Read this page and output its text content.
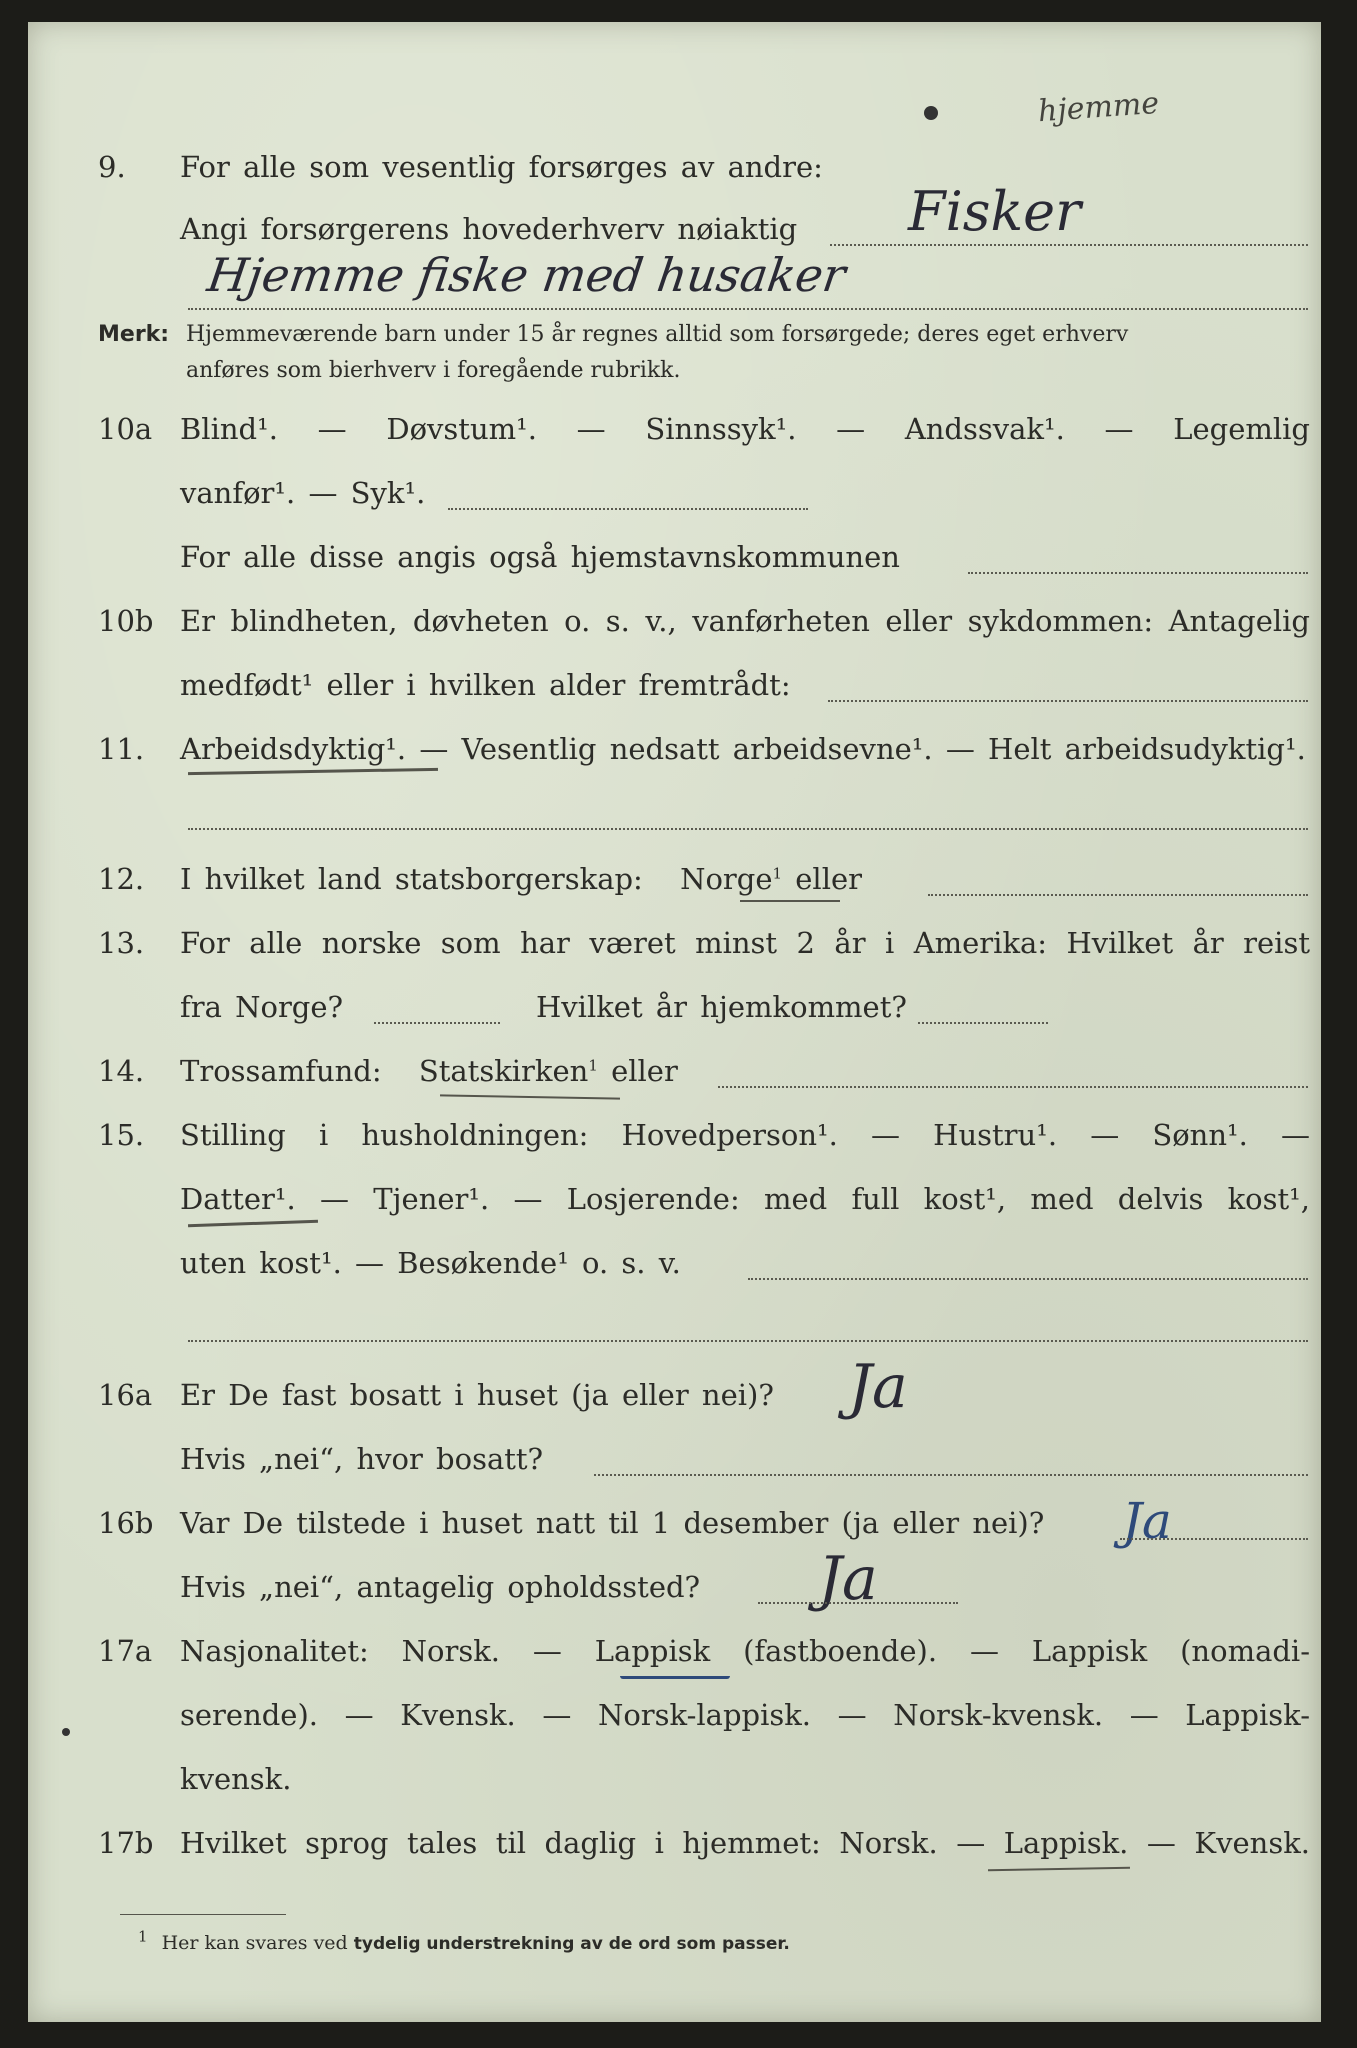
hjemme
9. For alle som vesentlig forsørges av andre:
Angi forsørgerens hovederhverv nøiaktig Fisker
Hjemme fiske med husaker
Merk: Hjemmeværende barn under 15 år regnes alltid som forsørgede; deres eget erhverv
anføres som bierhverv i foregående rubrikk.
10a Blind¹. — Døvstum¹. — Sinnssyk¹. — Andssvak¹. — Legemlig
vanfør¹. — Syk¹.
For alle disse angis også hjemstavnskommunen
10b Er blindheten, døvheten o. s. v., vanførheten eller sykdommen: Antagelig
medfødt¹ eller i hvilken alder fremtrådt:
11. Arbeidsdyktig¹. — Vesentlig nedsatt arbeidsevne¹. — Helt arbeidsudyktig¹.
12. I hvilket land statsborgerskap: Norge$^1$ eller
13. For alle norske som har været minst 2 år i Amerika: Hvilket år reist
fra Norge?	Hvilket år hjemkommet?
14. Trossamfund: Statskirken$^1$ eller
15. Stilling i husholdningen: Hovedperson¹. — Hustru¹. — Sønn¹. —
Datter¹. — Tjener¹. — Losjerende: med full kost¹, med delvis kost¹,
uten kost¹. — Besøkende¹ o. s. v.
16a Er De fast bosatt i huset (ja eller nei)? Ja
Hvis „nei“, hvor bosatt?
16b Var De tilstede i huset natt til 1 desember (ja eller nei)? Ja
Hvis „nei“, antagelig opholdssted? Ja
17a Nasjonalitet: Norsk. — Lappisk (fastboende). — Lappisk (nomadi-
serende). — Kvensk. — Norsk-lappisk. — Norsk-kvensk. — Lappisk-
kvensk.
17b Hvilket sprog tales til daglig i hjemmet: Norsk. — Lappisk. — Kvensk.
$^1$ Her kan svares ved tydelig understrekning av de ord som passer.
